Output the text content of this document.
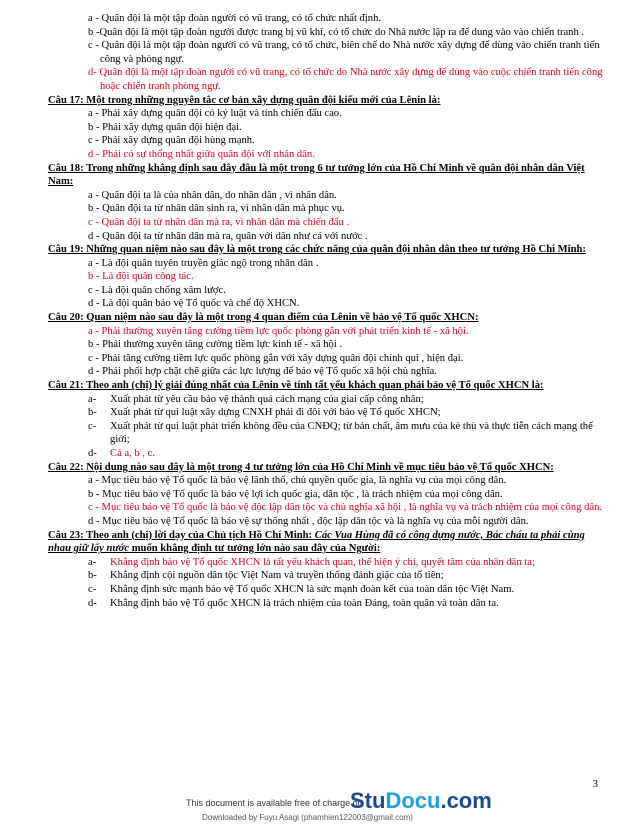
a - Quân đội là một tập đoàn người có vũ trang, có tổ chức nhất định.
b -Quân đội là một tập đoàn người được trang bị vũ khí, có tổ chức do Nhà nước lập ra để dung vào vào chiến tranh .
c - Quân đội là một tập đoàn người có vũ trang, có tổ chức, biên chế do Nhà nước xây dựng để dùng vào chiến tranh tiến công và phòng ngự.
d- Quân đội là một tập đoàn người có vũ trang, có tổ chức do Nhà nước xây dựng để dùng vào cuộc chiến tranh tiến công hoặc chiến tranh phòng ngự.
Câu 17: Một trong những nguyên tắc cơ bản xây dựng quân đội kiểu mới của Lênin là:
a - Phải xây dựng quân đội có kỷ luật và tính chiến đấu cao.
b - Phải xây dựng quân đội hiện đại.
c - Phải xây dựng quân đội hùng mạnh.
d - Phải có sự thống nhất giữa quân đội với nhân dân.
Câu 18: Trong những khẳng định sau đây đâu là một trong 6 tư tưởng lớn của Hồ Chí Minh về quân đội nhân dân Việt Nam:
a - Quân đội ta là của nhân dân, do nhân dân , vì nhân dân.
b - Quân đội ta từ nhân dân sinh ra, vì nhân dân mà phục vụ.
c - Quân đội ta từ nhân dân mà ra, vì nhân dân mà chiến đấu .
d - Quân đội ta từ nhân dân mà ra, quân với dân như cá với nước .
Câu 19: Những quan niệm nào sau đây là một trong các chức năng của quân đội nhân dân theo tư tưởng Hồ Chí Minh:
a - Là đội quân tuyên truyền giác ngộ trong nhân dân .
b - Là đội quân công tác.
c - Là đội quân chống xâm lược.
d - Là đội quân bảo vệ Tổ quốc và chế độ XHCN.
Câu 20: Quan niệm nào sau đây là một trong 4 quan điểm của Lênin về bảo vệ Tổ quốc XHCN:
a - Phải thường xuyên tăng cường tiềm lực quốc phòng gắn với phát triển kinh tế - xã hội.
b - Phải thường xuyên tăng cường tiềm lực kinh tế - xã hội .
c - Phải tăng cường tiềm lực quốc phòng gắn với xây dựng quân đội chính qui , hiện đại.
d - Phải phối hợp chặt chẽ giữa các lực lượng để bảo vệ Tổ quốc xã hội chủ nghĩa.
Câu 21: Theo anh (chị) lý giải đúng nhất của Lênin về tính tất yếu khách quan phải bảo vệ Tổ quốc XHCN là:
a-	Xuất phát từ yêu cầu bảo vệ thành quả cách mạng của giai cấp công nhân;
b-	Xuất phát từ qui luật xây dựng CNXH phải đi đôi với bảo vệ Tổ quốc XHCN;
c-	Xuất phát từ qui luật phát triển không đều của CNĐQ; từ bản chất, âm mưu của kẻ thù và thực tiễn cách mạng thế giới;
d-	Cả a, b , c.
Câu 22: Nội dung nào sau đây là một trong 4 tư tưởng lớn của Hồ Chí Minh về mục tiêu bảo vệ Tổ quốc XHCN:
a - Mục tiêu bảo vệ Tổ quốc là bảo vệ lãnh thổ, chủ quyền quốc gia, là nghĩa vụ của mọi công dân.
b - Mục tiêu bảo vệ Tổ quốc là bảo vệ lợi ích quốc gia, dân tộc , là trách nhiệm của mọi công dân.
c - Mục tiêu bảo vệ Tổ quốc là bảo vệ độc lập dân tộc và chủ nghĩa xã hội , là nghĩa vụ và trách nhiệm của mọi công dân.
d - Mục tiêu bảo vệ Tổ quốc là bảo vệ sự thống nhất , độc lập dân tộc và là nghĩa vụ của mỗi người dân.
Câu 23: Theo anh (chị) lời dạy của Chủ tịch Hồ Chí Minh: Các Vua Hùng đã có công dựng nước, Bác cháu ta phải cùng nhau giữ lấy nước muốn khẳng định tư tưởng lớn nào sau đây của Người:
a-	Khẳng định bảo vệ Tổ quốc XHCN là tất yếu khách quan, thể hiện ý chí, quyết tâm của nhân dân ta;
b-	Khẳng định cội nguồn dân tộc Việt Nam và truyền thống đánh giặc của tổ tiên;
c-	Khẳng định sức mạnh bảo vệ Tổ quốc XHCN là sức mạnh đoàn kết của toàn dân tộc Việt Nam.
d-	Khẳng định bảo vệ Tổ quốc XHCN là trách nhiệm của toàn Đảng, toàn quân và toàn dân ta.
3
This document is available free of charge on
StuDocu.com
Downloaded by Fuyu Asagi (phamhien122003@gmail.com)
